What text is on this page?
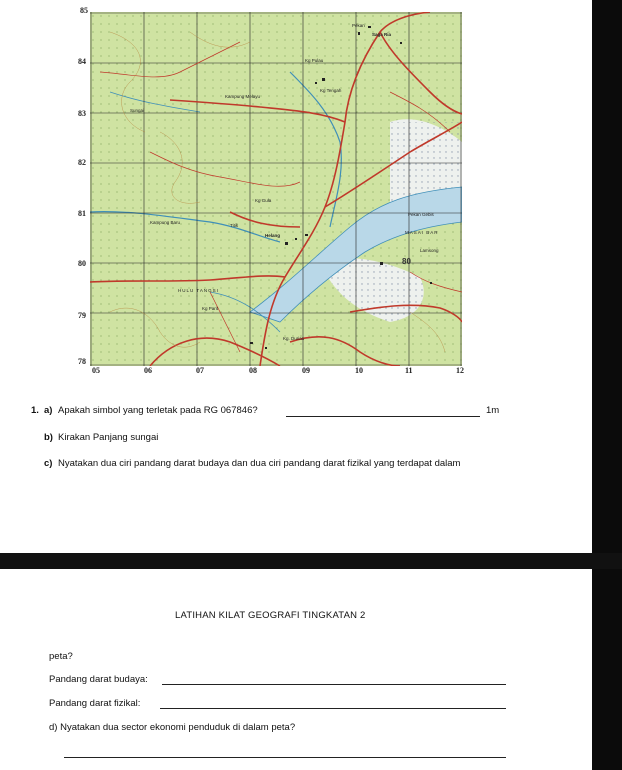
85
84
83
82
81
80
79
78
05	06	07	08	09	10	11	12
Pekan
Saga Ria
Kg Pulau
Kg Tengah
Kampung Melayu
Kg Gula
Helang
MASAI BAR
HULU TANGSI
Kg. Durian
Kg Parit
Pekan Gebis
Lamsong
Kampung Baru
Titik
Sungai
80
1. a) Apakah simbol yang terletak pada RG 067846?	1m
b) Kirakan Panjang sungai
c) Nyatakan dua ciri pandang darat budaya dan dua ciri pandang darat fizikal yang terdapat dalam
LATIHAN KILAT GEOGRAFI TINGKATAN 2
peta?
Pandang darat budaya:
Pandang darat fizikal:
d) Nyatakan dua sector ekonomi penduduk di dalam peta?
